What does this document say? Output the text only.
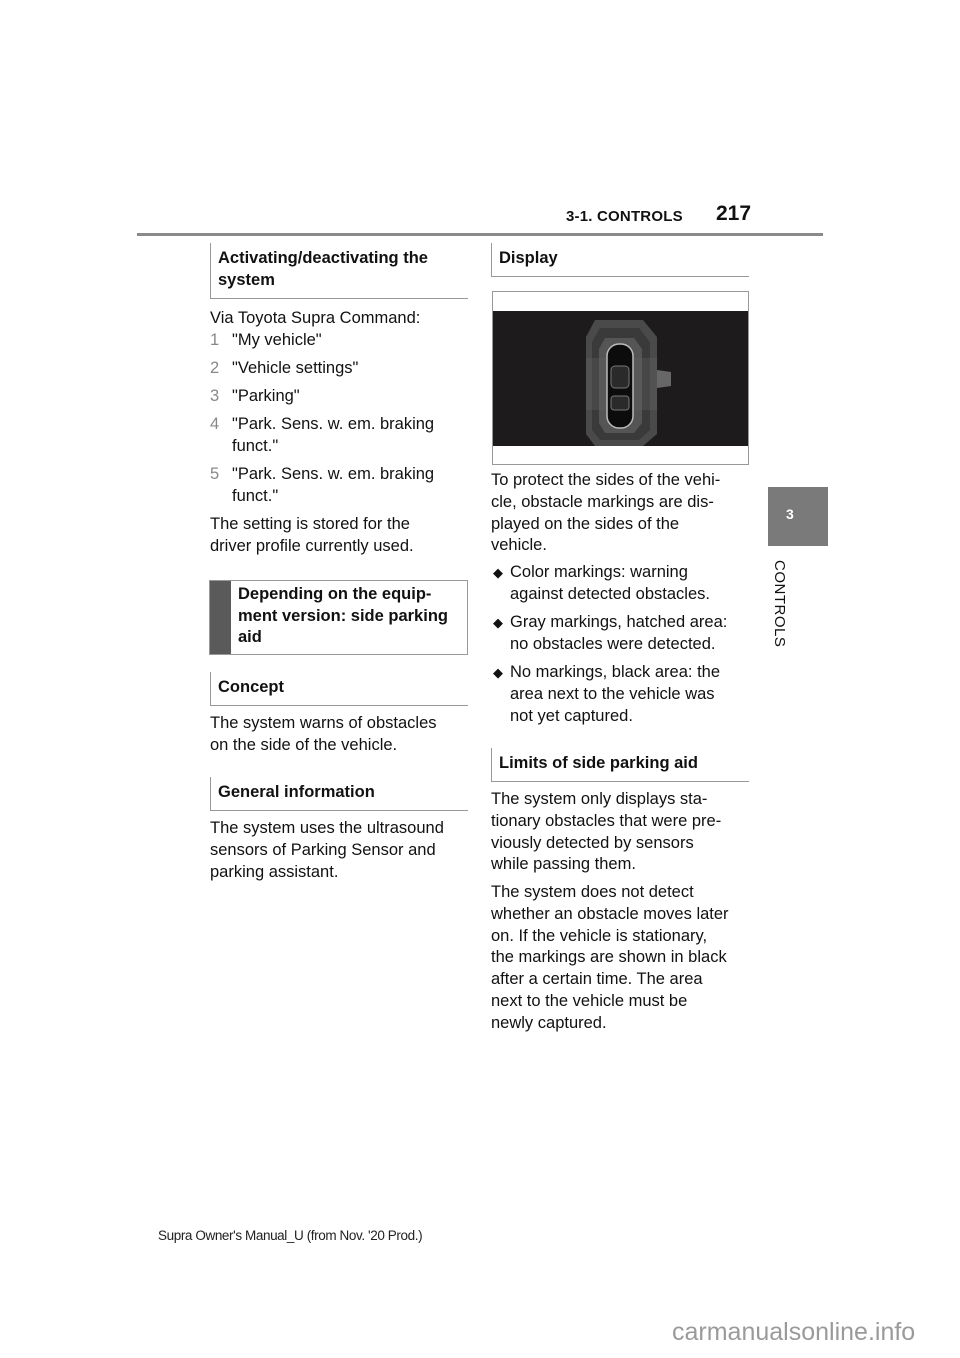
3-1. CONTROLS 217
3
CONTROLS
Activating/deactivating the
system
Via Toyota Supra Command:
1 "My vehicle"
2 "Vehicle settings"
3 "Parking"
4 "Park. Sens. w. em. braking
funct."
5 "Park. Sens. w. em. braking
funct."
The setting is stored for the
driver profile currently used.
Depending on the equip-
ment version: side parking
aid
Concept
The system warns of obstacles
on the side of the vehicle.
General information
The system uses the ultrasound
sensors of Parking Sensor and
parking assistant.
Display
To protect the sides of the vehi-
cle, obstacle markings are dis-
played on the sides of the
vehicle.
◆ Color markings: warning
against detected obstacles.
◆ Gray markings, hatched area:
no obstacles were detected.
◆ No markings, black area: the
area next to the vehicle was
not yet captured.
Limits of side parking aid
The system only displays sta-
tionary obstacles that were pre-
viously detected by sensors
while passing them.
The system does not detect
whether an obstacle moves later
on. If the vehicle is stationary,
the markings are shown in black
after a certain time. The area
next to the vehicle must be
newly captured.
Supra Owner's Manual_U (from Nov. '20 Prod.)
carmanualsonline.info
